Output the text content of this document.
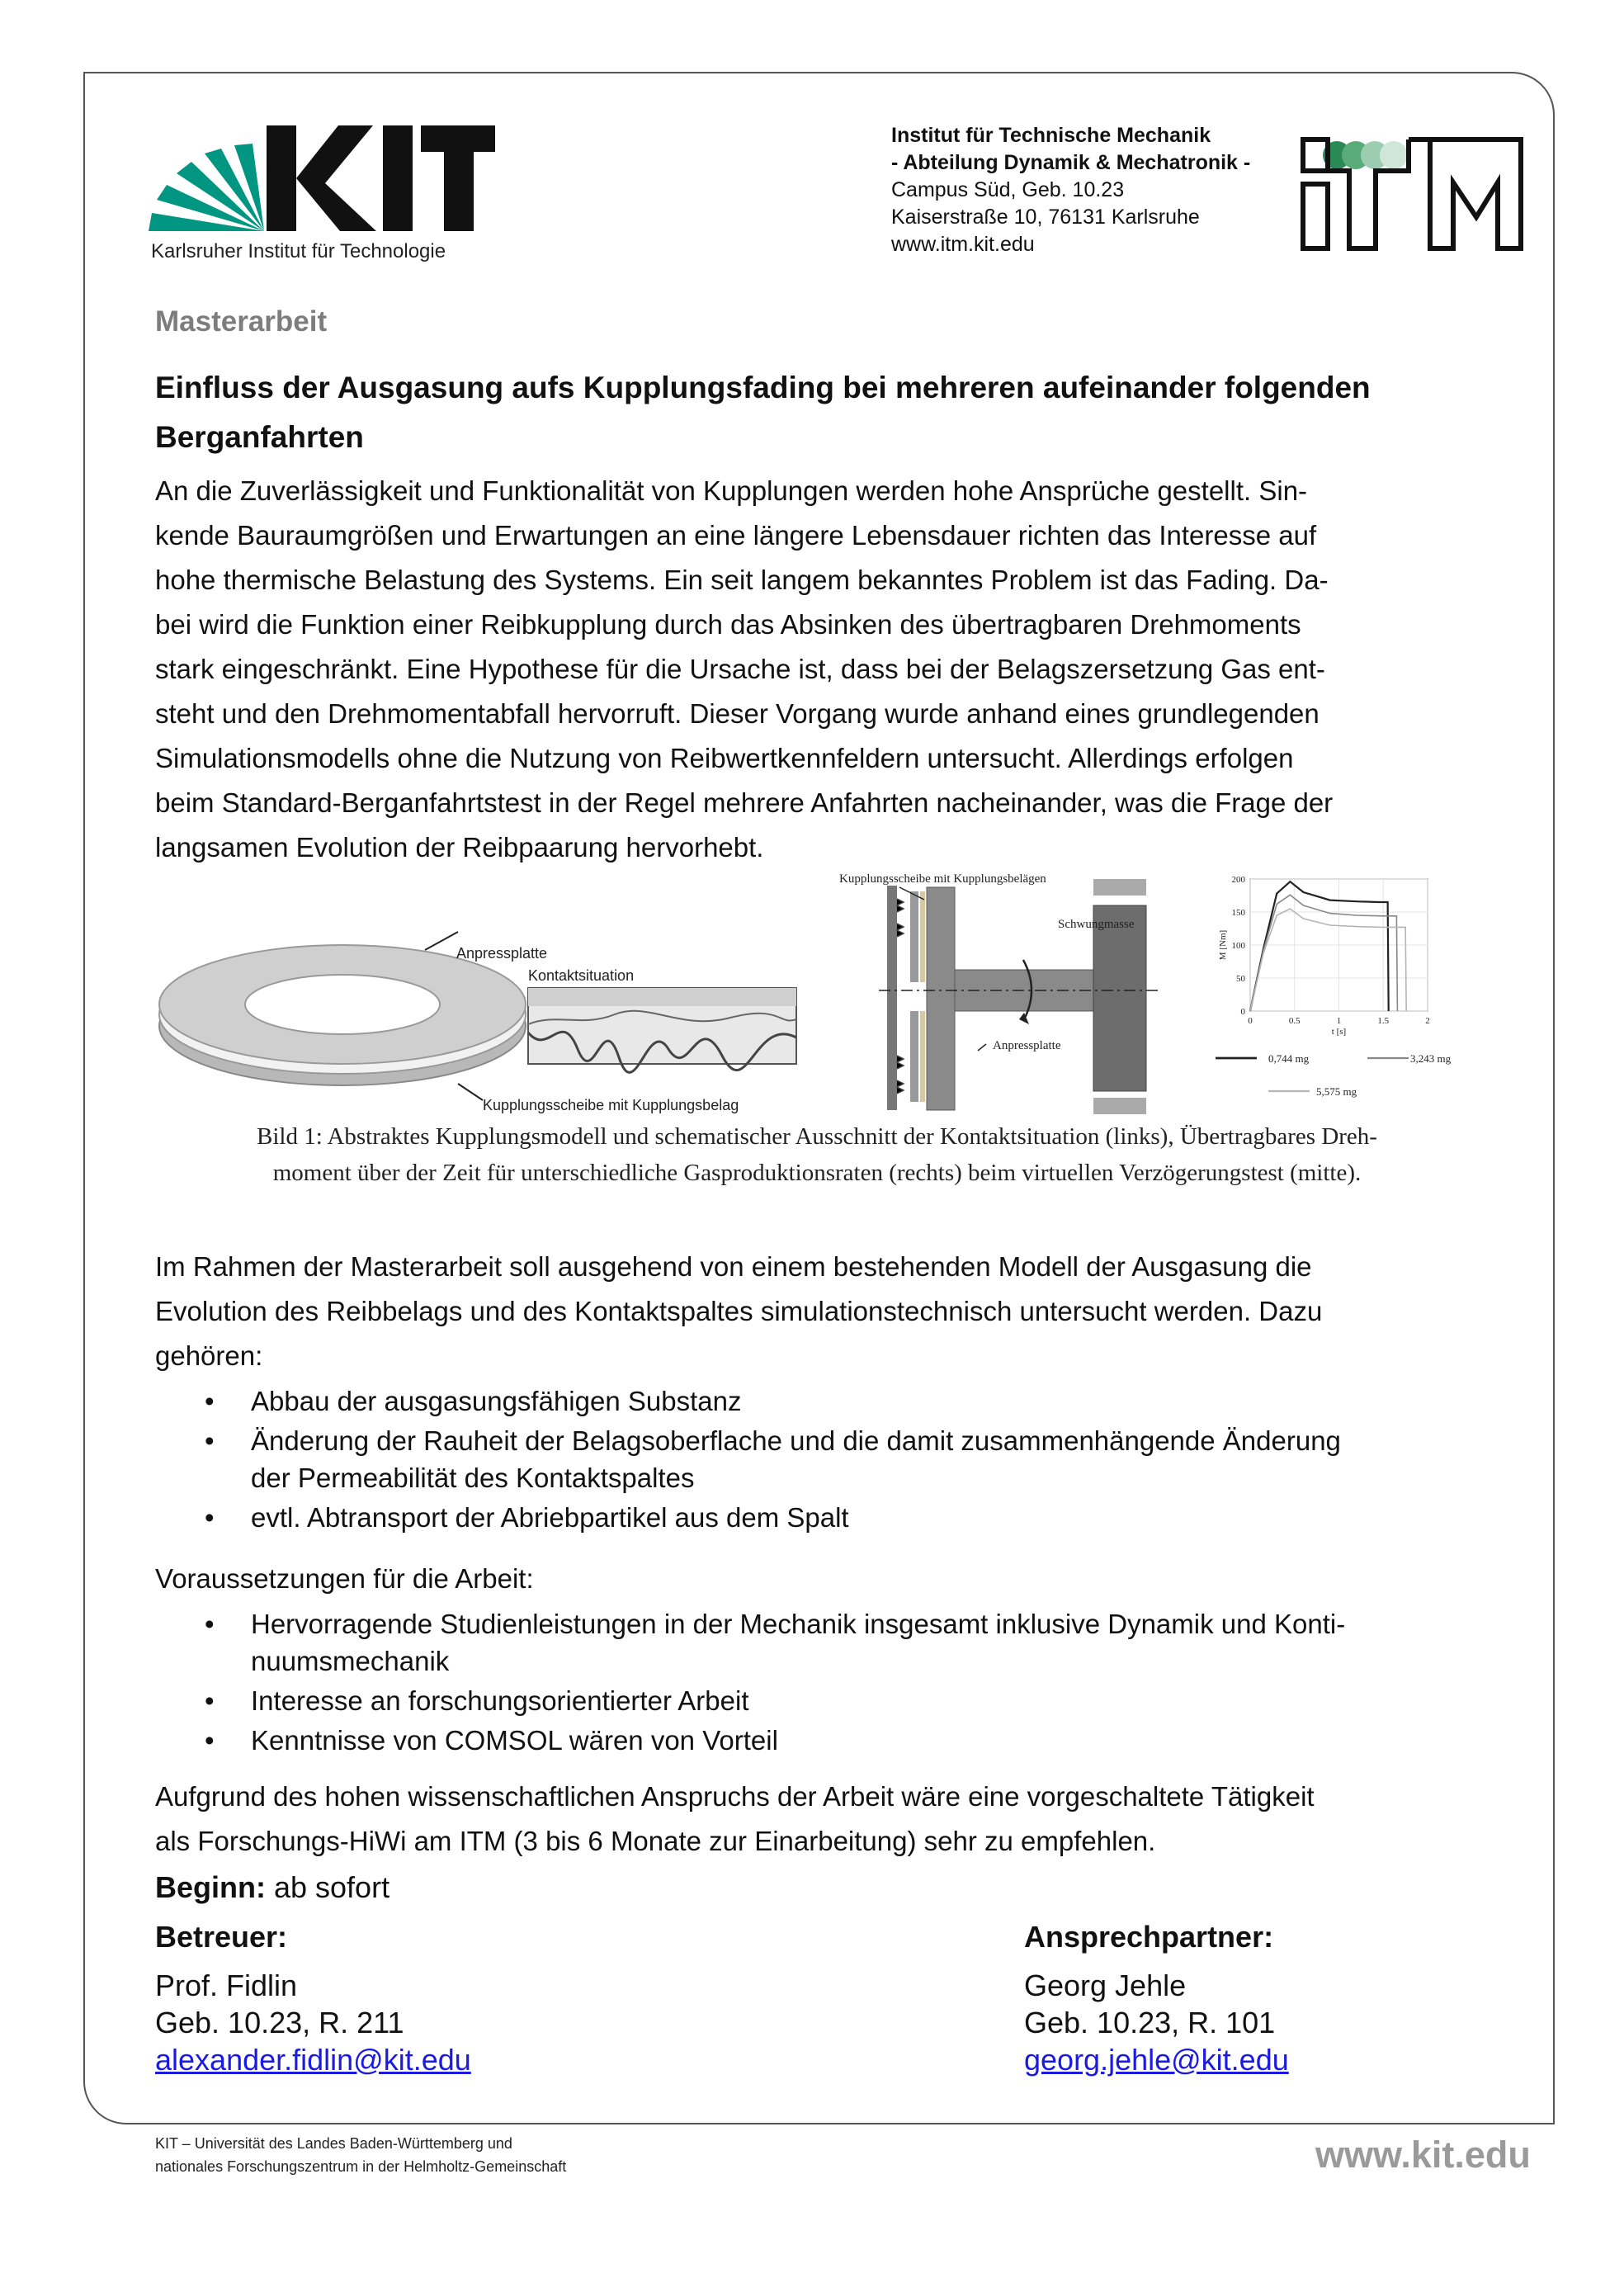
Karlsruher Institut für Technologie
Institut für Technische Mechanik
- Abteilung Dynamik & Mechatronik -
Campus Süd, Geb. 10.23
Kaiserstraße 10, 76131 Karlsruhe
www.itm.kit.edu
Masterarbeit
Einfluss der Ausgasung aufs Kupplungsfading bei mehreren aufeinander folgenden Berganfahrten
An die Zuverlässigkeit und Funktionalität von Kupplungen werden hohe Ansprüche gestellt. Sin-
kende Bauraumgrößen und Erwartungen an eine längere Lebensdauer richten das Interesse auf
hohe thermische Belastung des Systems. Ein seit langem bekanntes Problem ist das Fading. Da-
bei wird die Funktion einer Reibkupplung durch das Absinken des übertragbaren Drehmoments
stark eingeschränkt. Eine Hypothese für die Ursache ist, dass bei der Belagszersetzung Gas ent-
steht und den Drehmomentabfall hervorruft. Dieser Vorgang wurde anhand eines grundlegenden
Simulationsmodells ohne die Nutzung von Reibwertkennfeldern untersucht. Allerdings erfolgen
beim Standard-Berganfahrtstest in der Regel mehrere Anfahrten nacheinander, was die Frage der
langsamen Evolution der Reibpaarung hervorhebt.
Anpressplatte
Kontaktsituation
Kupplungsscheibe mit Kupplungsbelag
Kupplungsscheibe mit Kupplungsbelägen
Schwungmasse
Anpressplatte
0
50
100
150
200
0	0.5	1	1.5	2
M [Nm]
t [s]
0,744 mg	3,243 mg
5,575 mg
Bild 1: Abstraktes Kupplungsmodell und schematischer Ausschnitt der Kontaktsituation (links), Übertragbares Dreh-
moment über der Zeit für unterschiedliche Gasproduktionsraten (rechts) beim virtuellen Verzögerungstest (mitte).
Im Rahmen der Masterarbeit soll ausgehend von einem bestehenden Modell der Ausgasung die
Evolution des Reibbelags und des Kontaktspaltes simulationstechnisch untersucht werden. Dazu
gehören:
• Abbau der ausgasungsfähigen Substanz
• Änderung der Rauheit der Belagsoberflache und die damit zusammenhängende Änderung
der Permeabilität des Kontaktspaltes
• evtl. Abtransport der Abriebpartikel aus dem Spalt
Voraussetzungen für die Arbeit:
• Hervorragende Studienleistungen in der Mechanik insgesamt inklusive Dynamik und Konti-
nuumsmechanik
• Interesse an forschungsorientierter Arbeit
• Kenntnisse von COMSOL wären von Vorteil
Aufgrund des hohen wissenschaftlichen Anspruchs der Arbeit wäre eine vorgeschaltete Tätigkeit
als Forschungs-HiWi am ITM (3 bis 6 Monate zur Einarbeitung) sehr zu empfehlen.
Beginn: ab sofort
Betreuer:
Prof. Fidlin
Geb. 10.23, R. 211
alexander.fidlin@kit.edu
Ansprechpartner:
Georg Jehle
Geb. 10.23, R. 101
georg.jehle@kit.edu
KIT – Universität des Landes Baden-Württemberg und
nationales Forschungszentrum in der Helmholtz-Gemeinschaft	www.kit.edu
